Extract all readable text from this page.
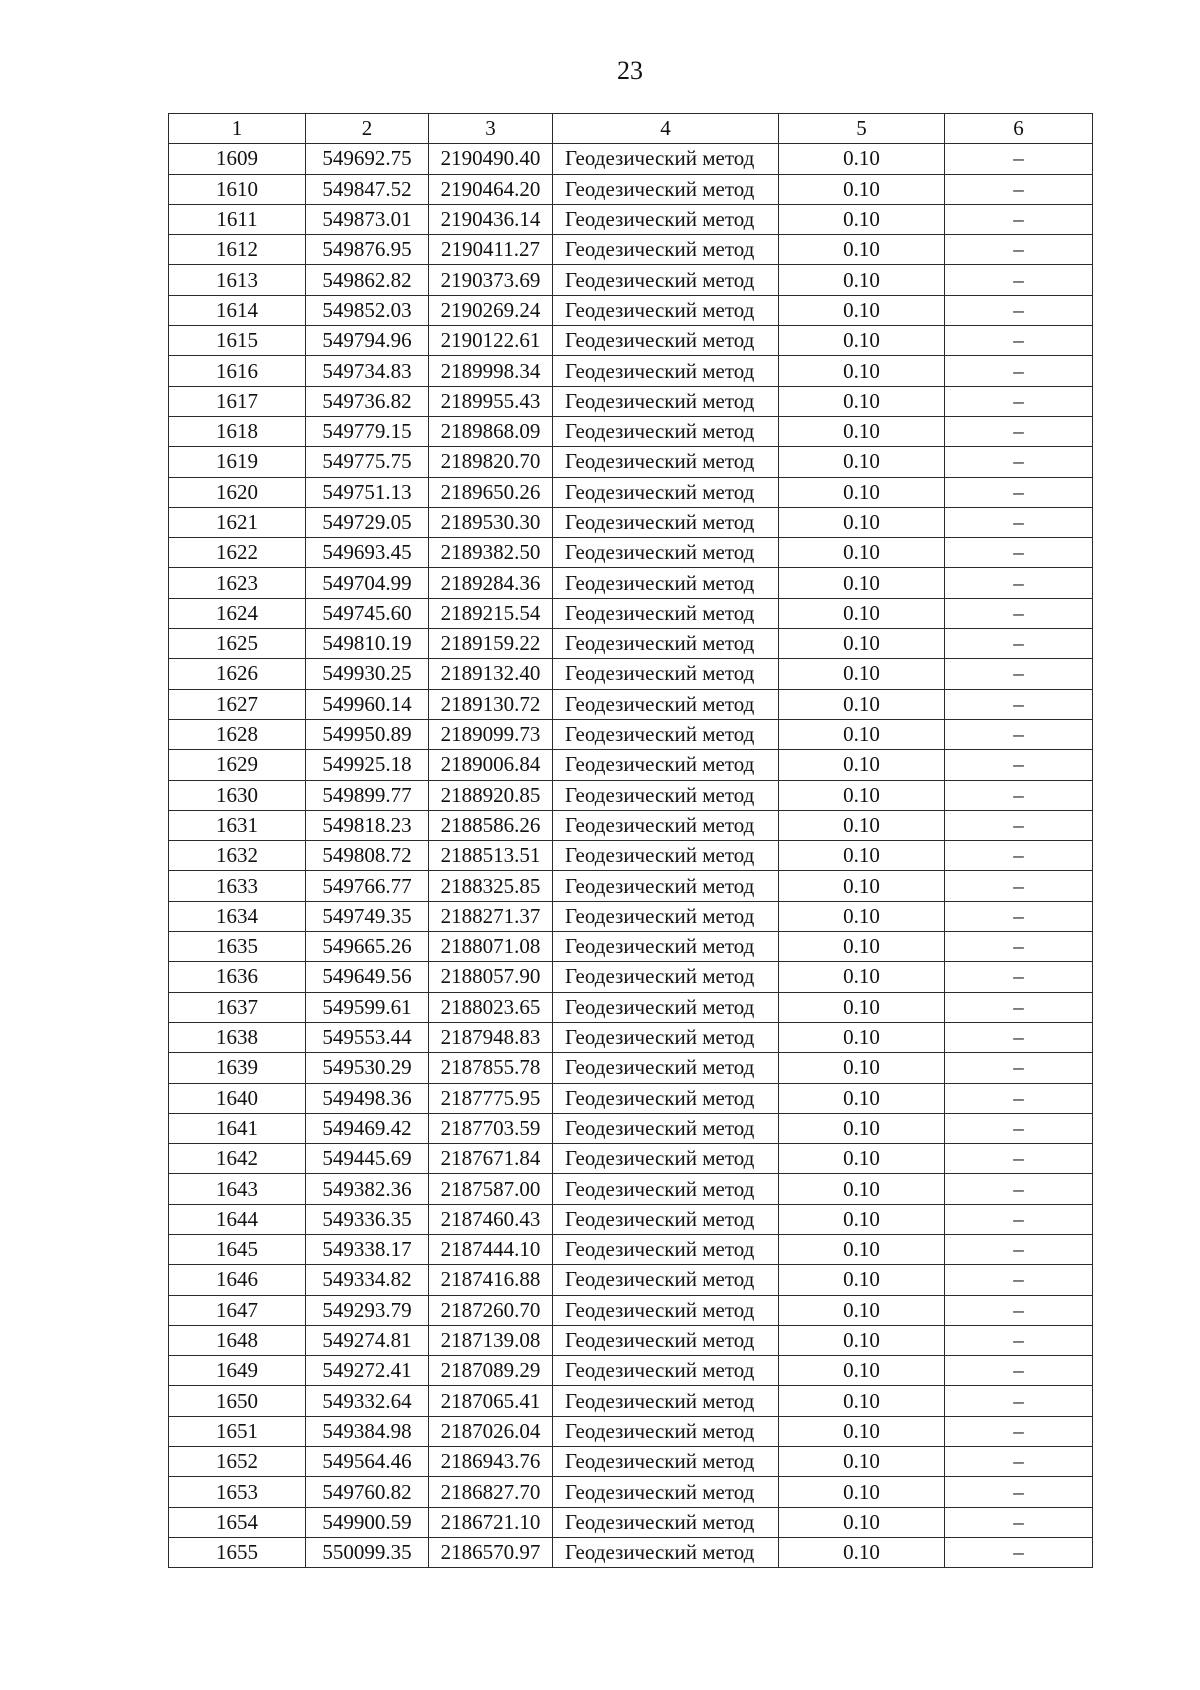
23
1	2	3	4	5	6
1609	549692.75	2190490.40	Геодезический метод	0.10	–
1610	549847.52	2190464.20	Геодезический метод	0.10	–
1611	549873.01	2190436.14	Геодезический метод	0.10	–
1612	549876.95	2190411.27	Геодезический метод	0.10	–
1613	549862.82	2190373.69	Геодезический метод	0.10	–
1614	549852.03	2190269.24	Геодезический метод	0.10	–
1615	549794.96	2190122.61	Геодезический метод	0.10	–
1616	549734.83	2189998.34	Геодезический метод	0.10	–
1617	549736.82	2189955.43	Геодезический метод	0.10	–
1618	549779.15	2189868.09	Геодезический метод	0.10	–
1619	549775.75	2189820.70	Геодезический метод	0.10	–
1620	549751.13	2189650.26	Геодезический метод	0.10	–
1621	549729.05	2189530.30	Геодезический метод	0.10	–
1622	549693.45	2189382.50	Геодезический метод	0.10	–
1623	549704.99	2189284.36	Геодезический метод	0.10	–
1624	549745.60	2189215.54	Геодезический метод	0.10	–
1625	549810.19	2189159.22	Геодезический метод	0.10	–
1626	549930.25	2189132.40	Геодезический метод	0.10	–
1627	549960.14	2189130.72	Геодезический метод	0.10	–
1628	549950.89	2189099.73	Геодезический метод	0.10	–
1629	549925.18	2189006.84	Геодезический метод	0.10	–
1630	549899.77	2188920.85	Геодезический метод	0.10	–
1631	549818.23	2188586.26	Геодезический метод	0.10	–
1632	549808.72	2188513.51	Геодезический метод	0.10	–
1633	549766.77	2188325.85	Геодезический метод	0.10	–
1634	549749.35	2188271.37	Геодезический метод	0.10	–
1635	549665.26	2188071.08	Геодезический метод	0.10	–
1636	549649.56	2188057.90	Геодезический метод	0.10	–
1637	549599.61	2188023.65	Геодезический метод	0.10	–
1638	549553.44	2187948.83	Геодезический метод	0.10	–
1639	549530.29	2187855.78	Геодезический метод	0.10	–
1640	549498.36	2187775.95	Геодезический метод	0.10	–
1641	549469.42	2187703.59	Геодезический метод	0.10	–
1642	549445.69	2187671.84	Геодезический метод	0.10	–
1643	549382.36	2187587.00	Геодезический метод	0.10	–
1644	549336.35	2187460.43	Геодезический метод	0.10	–
1645	549338.17	2187444.10	Геодезический метод	0.10	–
1646	549334.82	2187416.88	Геодезический метод	0.10	–
1647	549293.79	2187260.70	Геодезический метод	0.10	–
1648	549274.81	2187139.08	Геодезический метод	0.10	–
1649	549272.41	2187089.29	Геодезический метод	0.10	–
1650	549332.64	2187065.41	Геодезический метод	0.10	–
1651	549384.98	2187026.04	Геодезический метод	0.10	–
1652	549564.46	2186943.76	Геодезический метод	0.10	–
1653	549760.82	2186827.70	Геодезический метод	0.10	–
1654	549900.59	2186721.10	Геодезический метод	0.10	–
1655	550099.35	2186570.97	Геодезический метод	0.10	–
